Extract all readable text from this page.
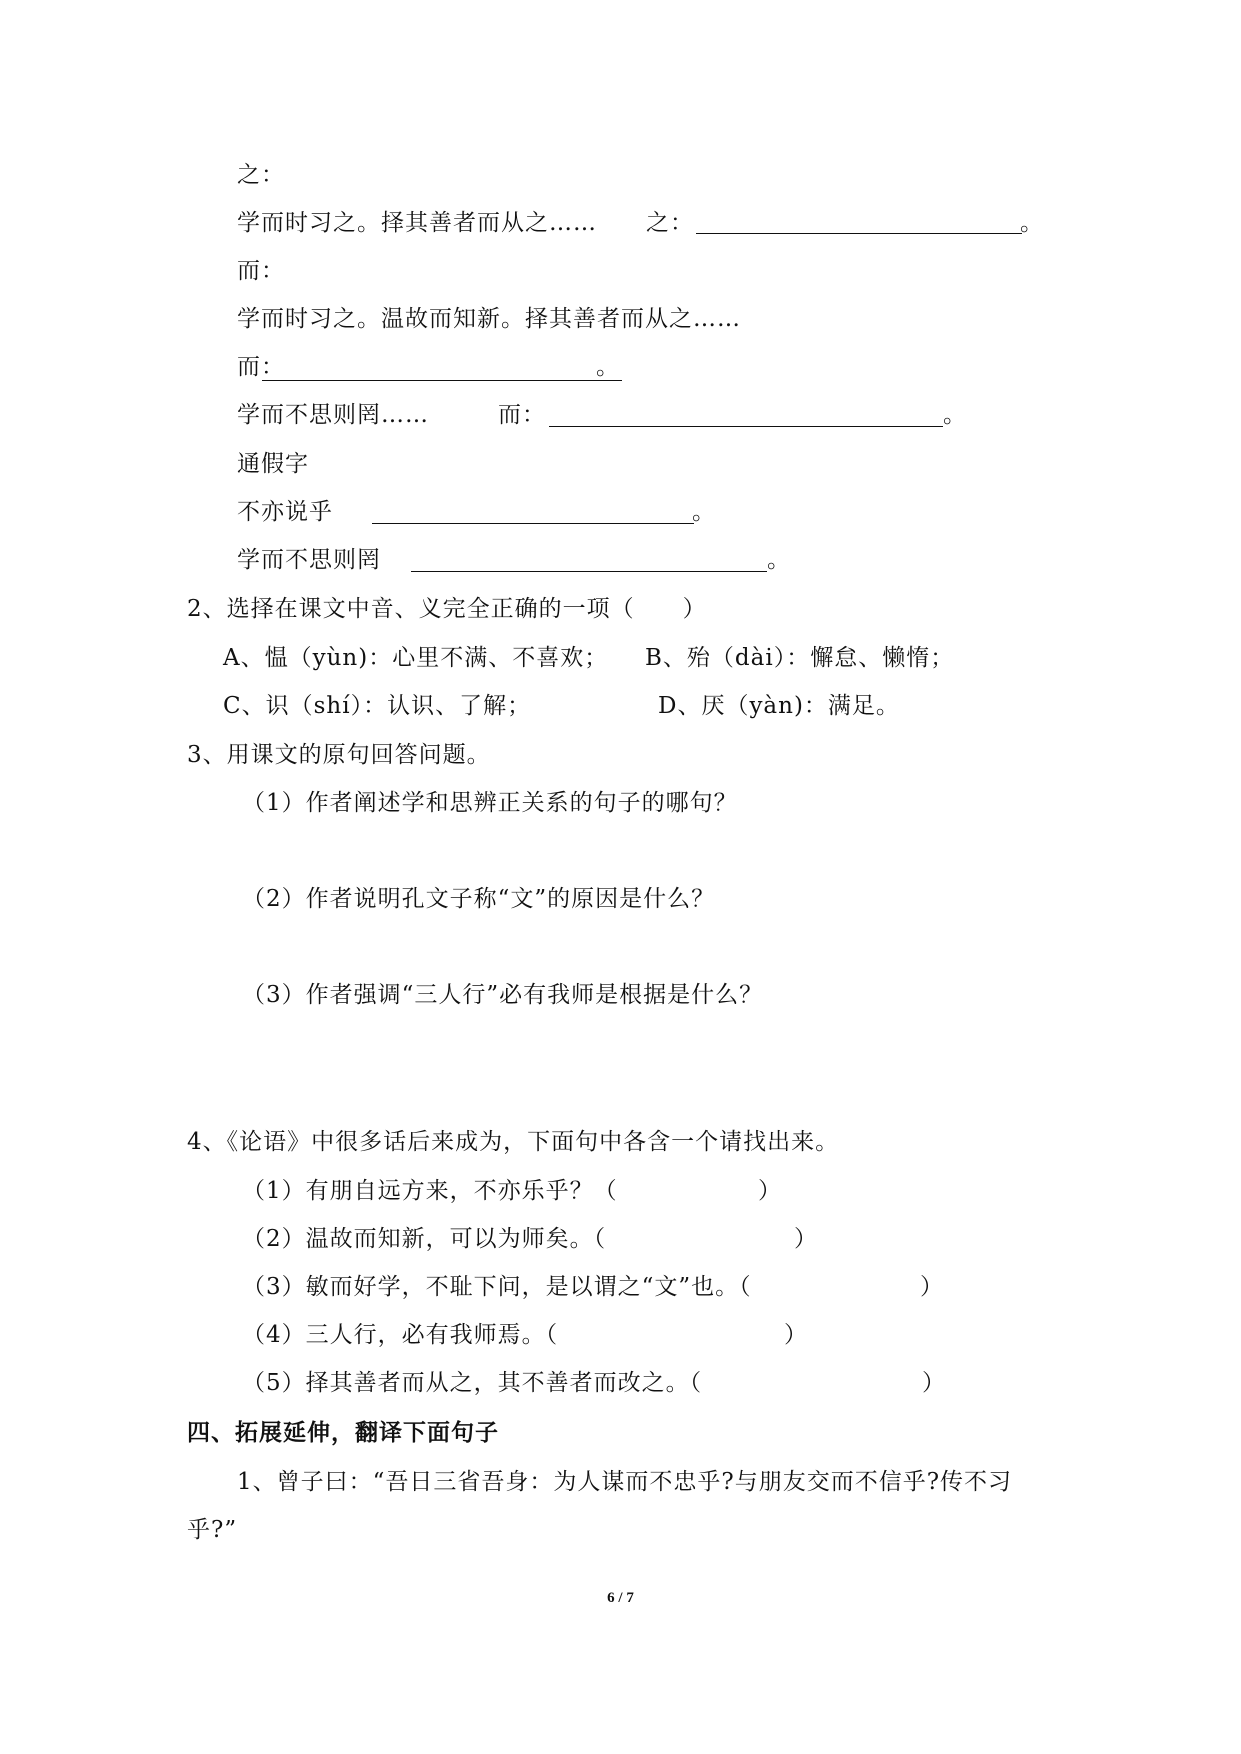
之：
学而时习之。择其善者而从之…… 之：	。
而：
学而时习之。温故而知新。择其善者而从之……
而：	。
学而不思则罔……	而：	。
通假字
不亦说乎	。
学而不思则罔	。
2、选择在课文中音、义完全正确的一项（　　）
A、愠（yùn)：心里不满、不喜欢； B、殆（dài）：懈怠、懒惰；
C、识（shí）：认识、了解；	D、厌（yàn)：满足。
3、用课文的原句回答问题。
（1）作者阐述学和思辨正关系的句子的哪句？
（2）作者说明孔文子称“文”的原因是什么？
（3）作者强调“三人行”必有我师是根据是什么？
4、《论语》中很多话后来成为，下面句中各含一个请找出来。
（1）有朋自远方来，不亦乐乎？（	）
（2）温故而知新，可以为师矣。（	）
（3）敏而好学，不耻下问，是以谓之“文”也。（	）
（4）三人行，必有我师焉。（	）
（5）择其善者而从之，其不善者而改之。（	）
四、拓展延伸，翻译下面句子
1、曾子曰：“吾日三省吾身：为人谋而不忠乎?与朋友交而不信乎?传不习
乎?”
6 / 7
